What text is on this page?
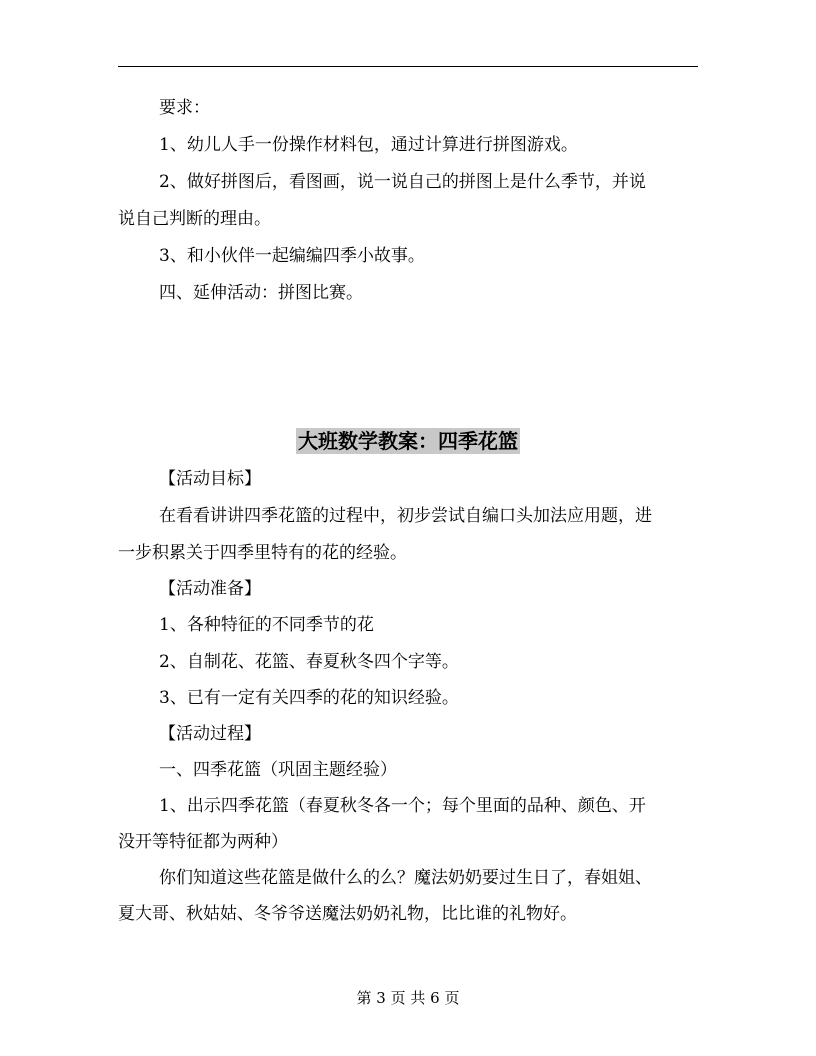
要求：
1、幼儿人手一份操作材料包，通过计算进行拼图游戏。
2、做好拼图后，看图画，说一说自己的拼图上是什么季节，并说
说自己判断的理由。
3、和小伙伴一起编编四季小故事。
四、延伸活动：拼图比赛。
大班数学教案：四季花篮
【活动目标】
在看看讲讲四季花篮的过程中，初步尝试自编口头加法应用题，进
一步积累关于四季里特有的花的经验。
【活动准备】
1、各种特征的不同季节的花
2、自制花、花篮、春夏秋冬四个字等。
3、已有一定有关四季的花的知识经验。
【活动过程】
一、四季花篮（巩固主题经验）
1、出示四季花篮（春夏秋冬各一个；每个里面的品种、颜色、开
没开等特征都为两种）
你们知道这些花篮是做什么的么？魔法奶奶要过生日了，春姐姐、
夏大哥、秋姑姑、冬爷爷送魔法奶奶礼物，比比谁的礼物好。
第 3 页 共 6 页
